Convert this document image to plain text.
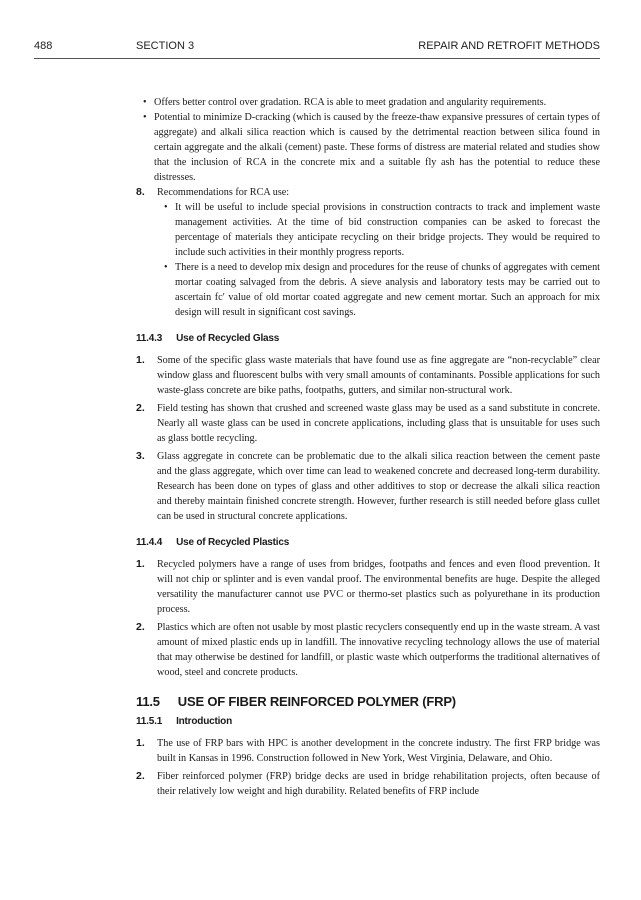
488	SECTION 3	REPAIR AND RETROFIT METHODS
• Offers better control over gradation. RCA is able to meet gradation and angularity requirements.
• Potential to minimize D-cracking (which is caused by the freeze-thaw expansive pressures of certain types of aggregate) and alkali silica reaction which is caused by the detrimental reaction between silica found in certain aggregate and the alkali (cement) paste. These forms of distress are material related and studies show that the inclusion of RCA in the concrete mix and a suitable fly ash has the potential to reduce these distresses.
8. Recommendations for RCA use:
• It will be useful to include special provisions in construction contracts to track and implement waste management activities. At the time of bid construction companies can be asked to forecast the percentage of materials they anticipate recycling on their bridge projects. They would be required to include such activities in their monthly progress reports.
• There is a need to develop mix design and procedures for the reuse of chunks of aggregates with cement mortar coating salvaged from the debris. A sieve analysis and laboratory tests may be carried out to ascertain fc′ value of old mortar coated aggregate and new cement mortar. Such an approach for mix design will result in significant cost savings.
11.4.3 Use of Recycled Glass
1. Some of the specific glass waste materials that have found use as fine aggregate are “non-recyclable” clear window glass and fluorescent bulbs with very small amounts of contaminants. Possible applications for such waste-glass concrete are bike paths, footpaths, gutters, and similar non-structural work.
2. Field testing has shown that crushed and screened waste glass may be used as a sand substitute in concrete. Nearly all waste glass can be used in concrete applications, including glass that is unsuitable for uses such as glass bottle recycling.
3. Glass aggregate in concrete can be problematic due to the alkali silica reaction between the cement paste and the glass aggregate, which over time can lead to weakened concrete and decreased long-term durability. Research has been done on types of glass and other additives to stop or decrease the alkali silica reaction and thereby maintain finished concrete strength. However, further research is still needed before glass cullet can be used in structural concrete applications.
11.4.4 Use of Recycled Plastics
1. Recycled polymers have a range of uses from bridges, footpaths and fences and even flood prevention. It will not chip or splinter and is even vandal proof. The environmental benefits are huge. Despite the alleged versatility the manufacturer cannot use PVC or thermo-set plastics such as polyurethane in its production process.
2. Plastics which are often not usable by most plastic recyclers consequently end up in the waste stream. A vast amount of mixed plastic ends up in landfill. The innovative recycling technology allows the use of material that may otherwise be destined for landfill, or plastic waste which outperforms the traditional alternatives of wood, steel and concrete products.
11.5 USE OF FIBER REINFORCED POLYMER (FRP)
11.5.1 Introduction
1. The use of FRP bars with HPC is another development in the concrete industry. The first FRP bridge was built in Kansas in 1996. Construction followed in New York, West Virginia, Delaware, and Ohio.
2. Fiber reinforced polymer (FRP) bridge decks are used in bridge rehabilitation projects, often because of their relatively low weight and high durability. Related benefits of FRP include
